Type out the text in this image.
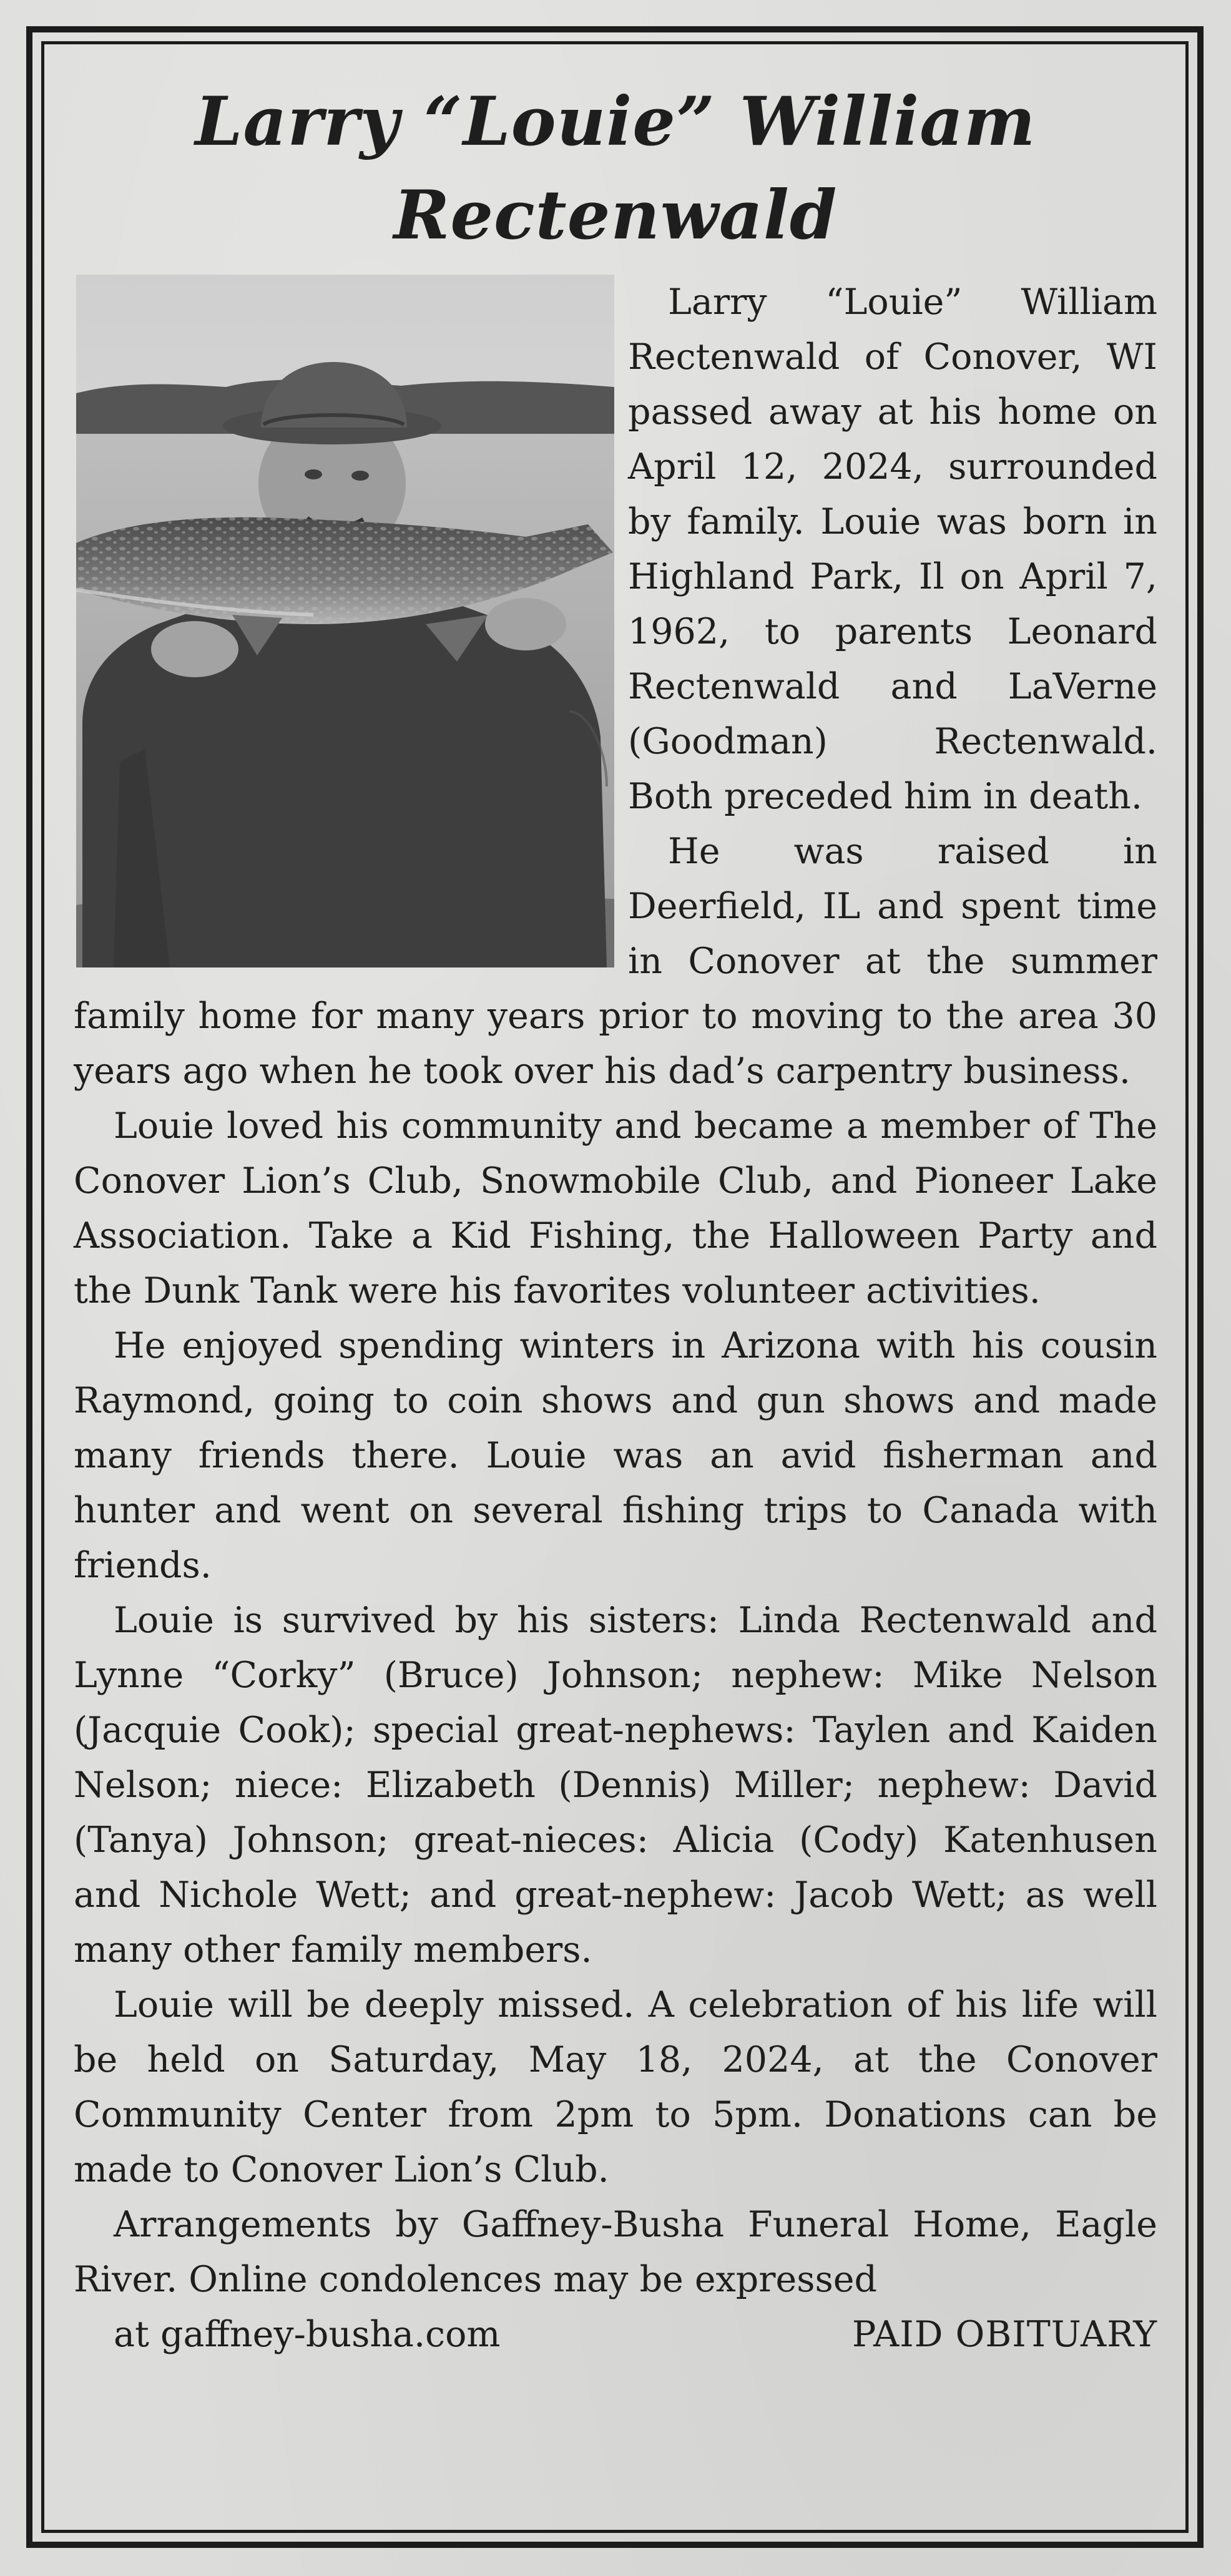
Larry “Louie” William Rectenwald

Larry “Louie” William Rectenwald of Conover, WI passed away at his home on April 12, 2024, surrounded by family. Louie was born in Highland Park, Il on April 7, 1962, to parents Leonard Rectenwald and LaVerne (Goodman) Rectenwald. Both preceded him in death.

He was raised in Deerfield, IL and spent time in Conover at the summer family home for many years prior to moving to the area 30 years ago when he took over his dad’s carpentry business.

Louie loved his community and became a member of The Conover Lion’s Club, Snowmobile Club, and Pioneer Lake Association. Take a Kid Fishing, the Halloween Party and the Dunk Tank were his favorites volunteer activities.

He enjoyed spending winters in Arizona with his cousin Raymond, going to coin shows and gun shows and made many friends there. Louie was an avid fisherman and hunter and went on several fishing trips to Canada with friends.

Louie is survived by his sisters: Linda Rectenwald and Lynne “Corky” (Bruce) Johnson; nephew: Mike Nelson (Jacquie Cook); special great-nephews: Taylen and Kaiden Nelson; niece: Elizabeth (Dennis) Miller; nephew: David (Tanya) Johnson; great-nieces: Alicia (Cody) Katenhusen and Nichole Wett; and great-nephew: Jacob Wett; as well many other family members.

Louie will be deeply missed. A celebration of his life will be held on Saturday, May 18, 2024, at the Conover Community Center from 2pm to 5pm. Donations can be made to Conover Lion’s Club.

Arrangements by Gaffney-Busha Funeral Home, Eagle River. Online condolences may be expressed

at gaffney-busha.com	PAID OBITUARY
